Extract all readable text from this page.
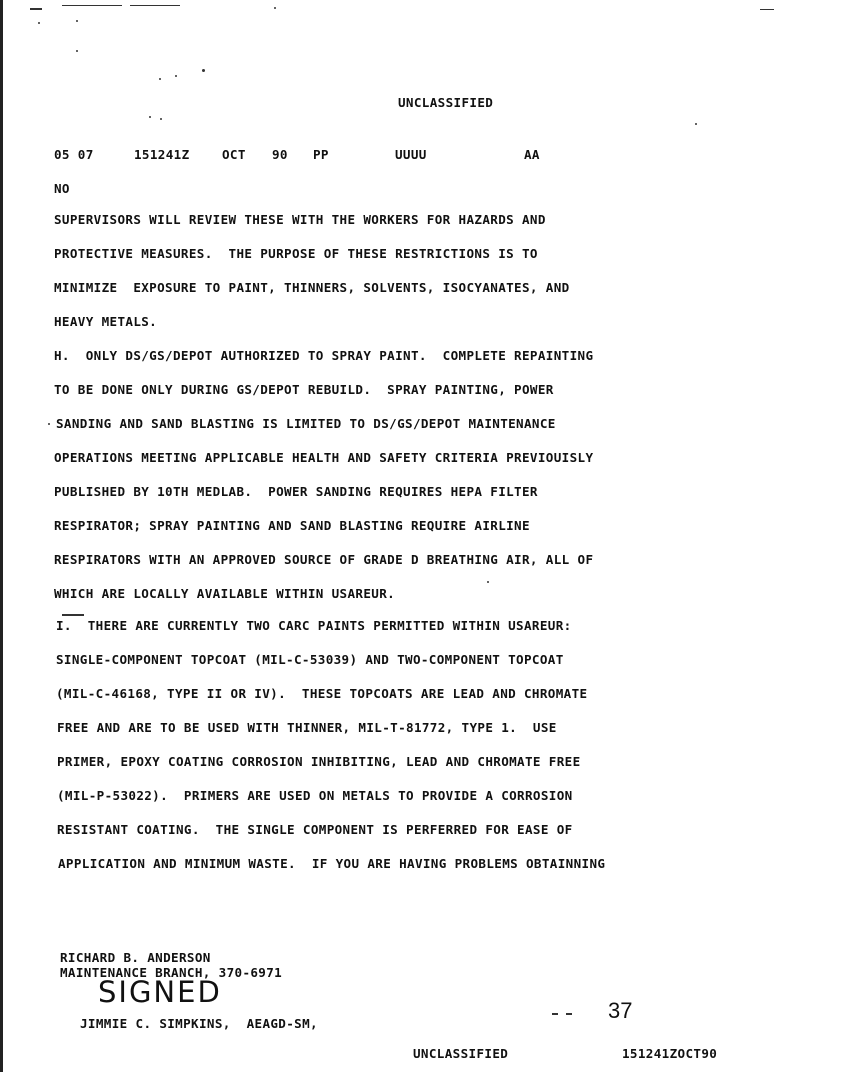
UNCLASSIFIED
05 07	151241Z	OCT 90 PP	UUUU	AA
NO
SUPERVISORS WILL REVIEW THESE WITH THE WORKERS FOR HAZARDS AND
PROTECTIVE MEASURES.  THE PURPOSE OF THESE RESTRICTIONS IS TO
MINIMIZE  EXPOSURE TO PAINT, THINNERS, SOLVENTS, ISOCYANATES, AND
HEAVY METALS.
H.  ONLY DS/GS/DEPOT AUTHORIZED TO SPRAY PAINT.  COMPLETE REPAINTING
TO BE DONE ONLY DURING GS/DEPOT REBUILD.  SPRAY PAINTING, POWER
SANDING AND SAND BLASTING IS LIMITED TO DS/GS/DEPOT MAINTENANCE
OPERATIONS MEETING APPLICABLE HEALTH AND SAFETY CRITERIA PREVIOUISLY
PUBLISHED BY 10TH MEDLAB.  POWER SANDING REQUIRES HEPA FILTER
RESPIRATOR; SPRAY PAINTING AND SAND BLASTING REQUIRE AIRLINE
RESPIRATORS WITH AN APPROVED SOURCE OF GRADE D BREATHING AIR, ALL OF
WHICH ARE LOCALLY AVAILABLE WITHIN USAREUR.
I.  THERE ARE CURRENTLY TWO CARC PAINTS PERMITTED WITHIN USAREUR:
SINGLE-COMPONENT TOPCOAT (MIL-C-53039) AND TWO-COMPONENT TOPCOAT
(MIL-C-46168, TYPE II OR IV).  THESE TOPCOATS ARE LEAD AND CHROMATE
FREE AND ARE TO BE USED WITH THINNER, MIL-T-81772, TYPE 1.  USE
PRIMER, EPOXY COATING CORROSION INHIBITING, LEAD AND CHROMATE FREE
(MIL-P-53022).  PRIMERS ARE USED ON METALS TO PROVIDE A CORROSION
RESISTANT COATING.  THE SINGLE COMPONENT IS PERFERRED FOR EASE OF
APPLICATION AND MINIMUM WASTE.  IF YOU ARE HAVING PROBLEMS OBTAINNING
RICHARD B. ANDERSON
MAINTENANCE BRANCH, 370-6971
SIGNED
JIMMIE C. SIMPKINS,  AEAGD-SM,
37
UNCLASSIFIED	151241ZOCT90
